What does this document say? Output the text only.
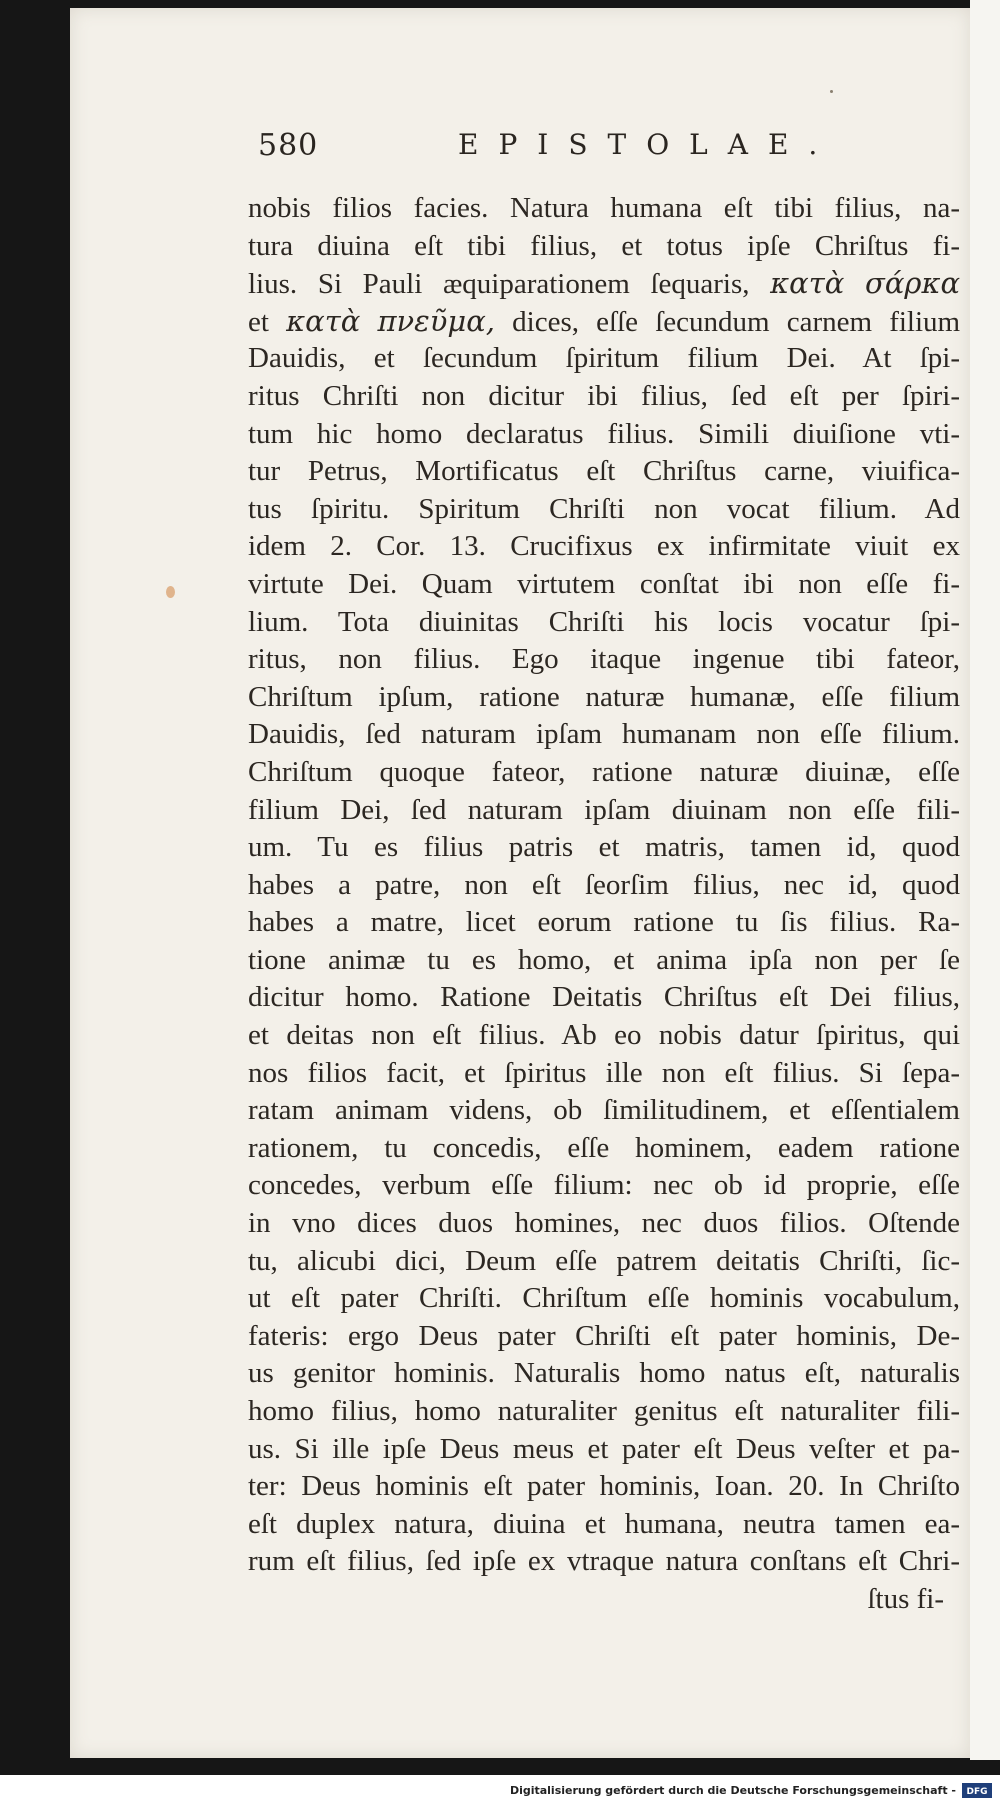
580	EPISTOLAE.
nobis filios facies. Natura humana eſt tibi filius, na-
tura diuina eſt tibi filius, et totus ipſe Chriſtus fi-
lius. Si Pauli æquiparationem ſequaris, κατὰ σάρκα
et κατὰ πνεῦμα, dices, eſſe ſecundum carnem filium
Dauidis, et ſecundum ſpiritum filium Dei. At ſpi-
ritus Chriſti non dicitur ibi filius, ſed eſt per ſpiri-
tum hic homo declaratus filius. Simili diuiſione vti-
tur Petrus, Mortificatus eſt Chriſtus carne, viuifica-
tus ſpiritu. Spiritum Chriſti non vocat filium. Ad
idem 2. Cor. 13. Crucifixus ex infirmitate viuit ex
virtute Dei. Quam virtutem conſtat ibi non eſſe fi-
lium. Tota diuinitas Chriſti his locis vocatur ſpi-
ritus, non filius. Ego itaque ingenue tibi fateor,
Chriſtum ipſum, ratione naturæ humanæ, eſſe filium
Dauidis, ſed naturam ipſam humanam non eſſe filium.
Chriſtum quoque fateor, ratione naturæ diuinæ, eſſe
filium Dei, ſed naturam ipſam diuinam non eſſe fili-
um. Tu es filius patris et matris, tamen id, quod
habes a patre, non eſt ſeorſim filius, nec id, quod
habes a matre, licet eorum ratione tu ſis filius. Ra-
tione animæ tu es homo, et anima ipſa non per ſe
dicitur homo. Ratione Deitatis Chriſtus eſt Dei filius,
et deitas non eſt filius. Ab eo nobis datur ſpiritus, qui
nos filios facit, et ſpiritus ille non eſt filius. Si ſepa-
ratam animam videns, ob ſimilitudinem, et eſſentialem
rationem, tu concedis, eſſe hominem, eadem ratione
concedes, verbum eſſe filium: nec ob id proprie, eſſe
in vno dices duos homines, nec duos filios. Oſtende
tu, alicubi dici, Deum eſſe patrem deitatis Chriſti, ſic-
ut eſt pater Chriſti. Chriſtum eſſe hominis vocabulum,
fateris: ergo Deus pater Chriſti eſt pater hominis, De-
us genitor hominis. Naturalis homo natus eſt, naturalis
homo filius, homo naturaliter genitus eſt naturaliter fili-
us. Si ille ipſe Deus meus et pater eſt Deus veſter et pa-
ter: Deus hominis eſt pater hominis, Ioan. 20. In Chriſto
eſt duplex natura, diuina et humana, neutra tamen ea-
rum eſt filius, ſed ipſe ex vtraque natura conſtans eſt Chri-
ſtus fi-
Digitalisierung gefördert durch die Deutsche Forschungsgemeinschaft - DFG
